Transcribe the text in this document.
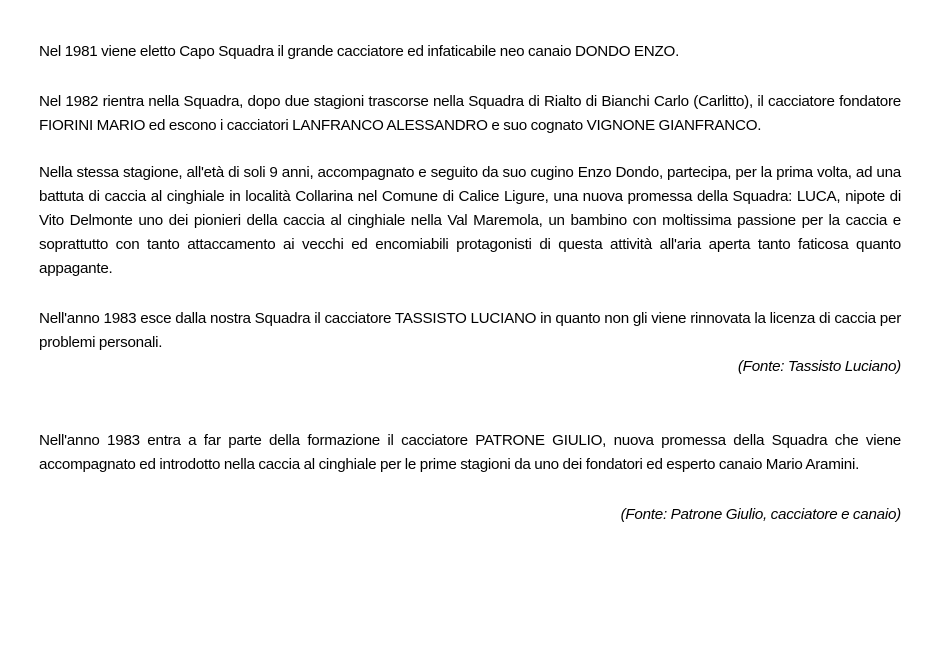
Nel 1981 viene eletto Capo Squadra il grande cacciatore ed infaticabile neo canaio DONDO ENZO.

Nel 1982 rientra nella Squadra, dopo due stagioni trascorse nella Squadra di Rialto di Bianchi Carlo (Carlitto), il cacciatore fondatore FIORINI MARIO ed escono i cacciatori LANFRANCO ALESSANDRO e suo cognato VIGNONE GIANFRANCO.

Nella stessa stagione, all'età di soli 9 anni, accompagnato e seguito da suo cugino Enzo Dondo, partecipa, per la prima volta, ad una battuta di caccia al cinghiale in località Collarina nel Comune di Calice Ligure, una nuova promessa della Squadra: LUCA, nipote di Vito Delmonte uno dei pionieri della caccia al cinghiale nella Val Maremola, un bambino con moltissima passione per la caccia e soprattutto con tanto attaccamento ai vecchi ed encomiabili protagonisti di questa attività all'aria aperta tanto faticosa quanto appagante.

Nell'anno 1983 esce dalla nostra Squadra il cacciatore TASSISTO LUCIANO in quanto non gli viene rinnovata la licenza di caccia per problemi personali.

(Fonte: Tassisto Luciano)

Nell'anno 1983 entra a far parte della formazione il cacciatore PATRONE GIULIO, nuova promessa della Squadra che viene accompagnato ed introdotto nella caccia al cinghiale per le prime stagioni da uno dei fondatori ed esperto canaio Mario Aramini.

(Fonte: Patrone Giulio, cacciatore e canaio)
